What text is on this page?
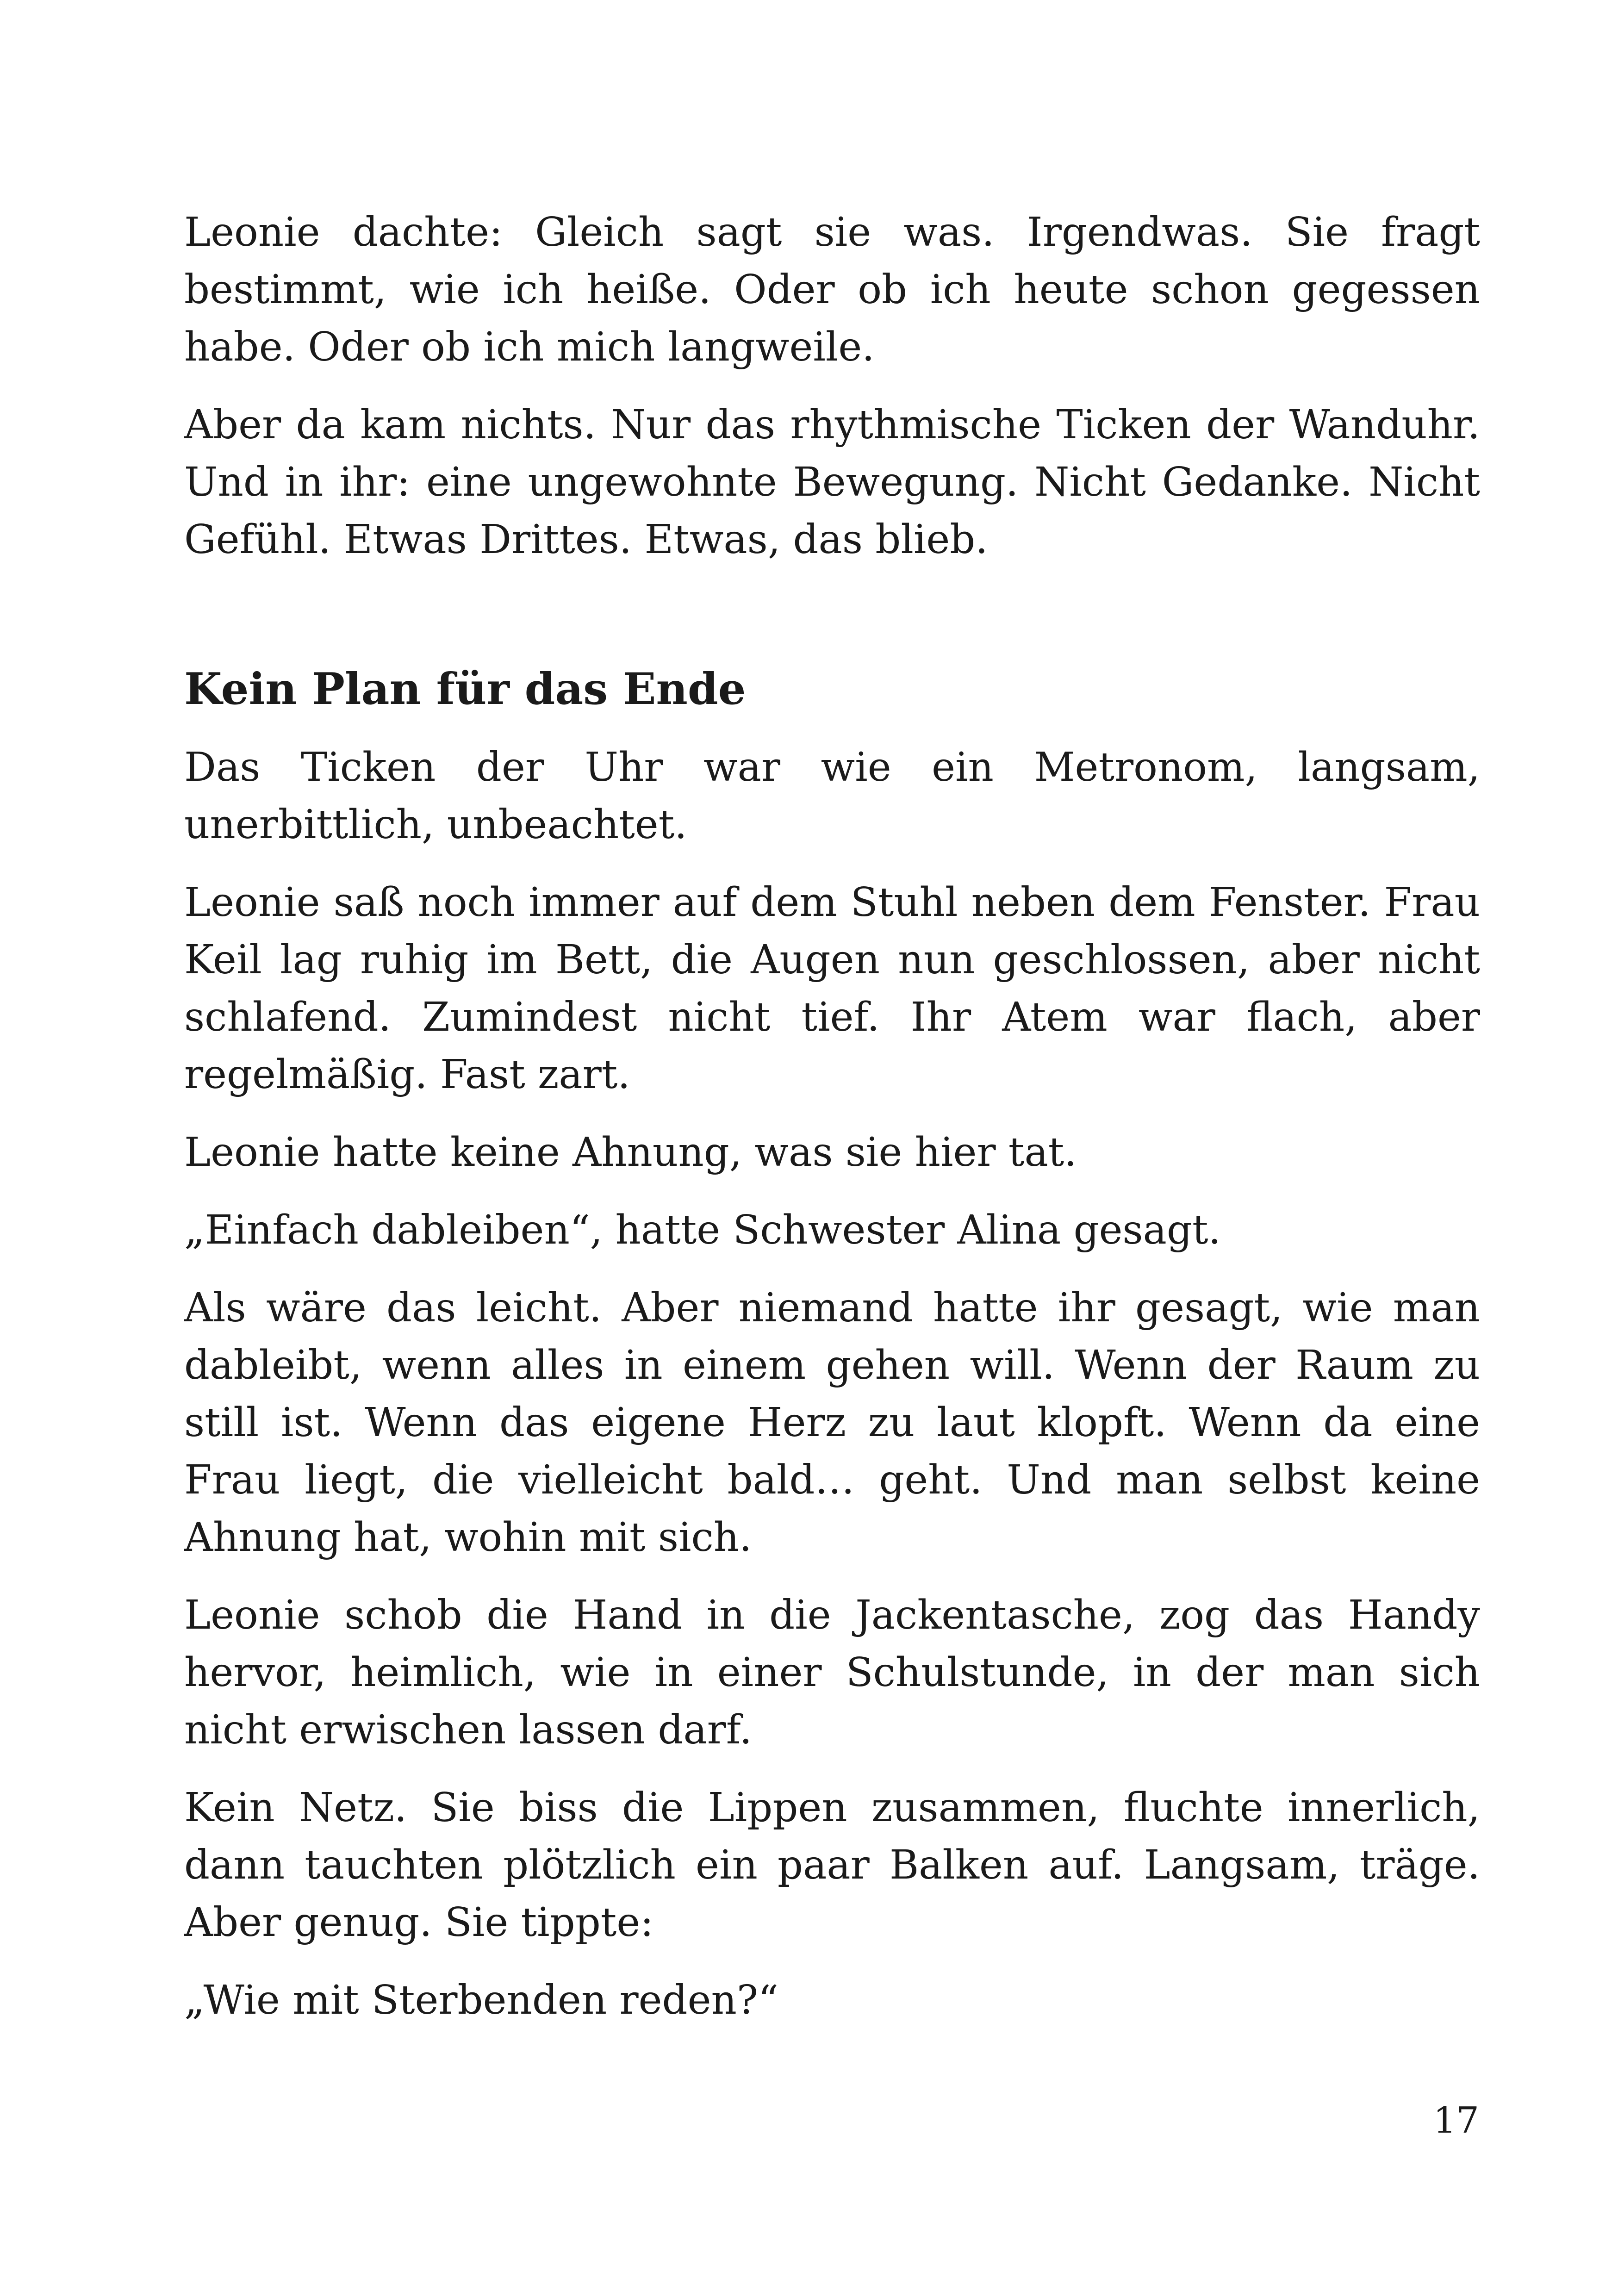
Leonie dachte: Gleich sagt sie was. Irgendwas. Sie fragt bestimmt, wie ich heiße. Oder ob ich heute schon gegessen habe. Oder ob ich mich langweile.

Aber da kam nichts. Nur das rhythmische Ticken der Wanduhr. Und in ihr: eine ungewohnte Bewegung. Nicht Gedanke. Nicht Gefühl. Etwas Drittes. Etwas, das blieb.

Kein Plan für das Ende

Das Ticken der Uhr war wie ein Metronom, langsam, unerbittlich, unbeachtet.

Leonie saß noch immer auf dem Stuhl neben dem Fenster. Frau Keil lag ruhig im Bett, die Augen nun geschlossen, aber nicht schlafend. Zumindest nicht tief. Ihr Atem war flach, aber regelmäßig. Fast zart.

Leonie hatte keine Ahnung, was sie hier tat.

„Einfach dableiben“, hatte Schwester Alina gesagt.

Als wäre das leicht. Aber niemand hatte ihr gesagt, wie man dableibt, wenn alles in einem gehen will. Wenn der Raum zu still ist. Wenn das eigene Herz zu laut klopft. Wenn da eine Frau liegt, die vielleicht bald… geht. Und man selbst keine Ahnung hat, wohin mit sich.

Leonie schob die Hand in die Jackentasche, zog das Handy hervor, heimlich, wie in einer Schulstunde, in der man sich nicht erwischen lassen darf.

Kein Netz. Sie biss die Lippen zusammen, fluchte innerlich, dann tauchten plötzlich ein paar Balken auf. Langsam, träge. Aber genug. Sie tippte:

„Wie mit Sterbenden reden?“

17
